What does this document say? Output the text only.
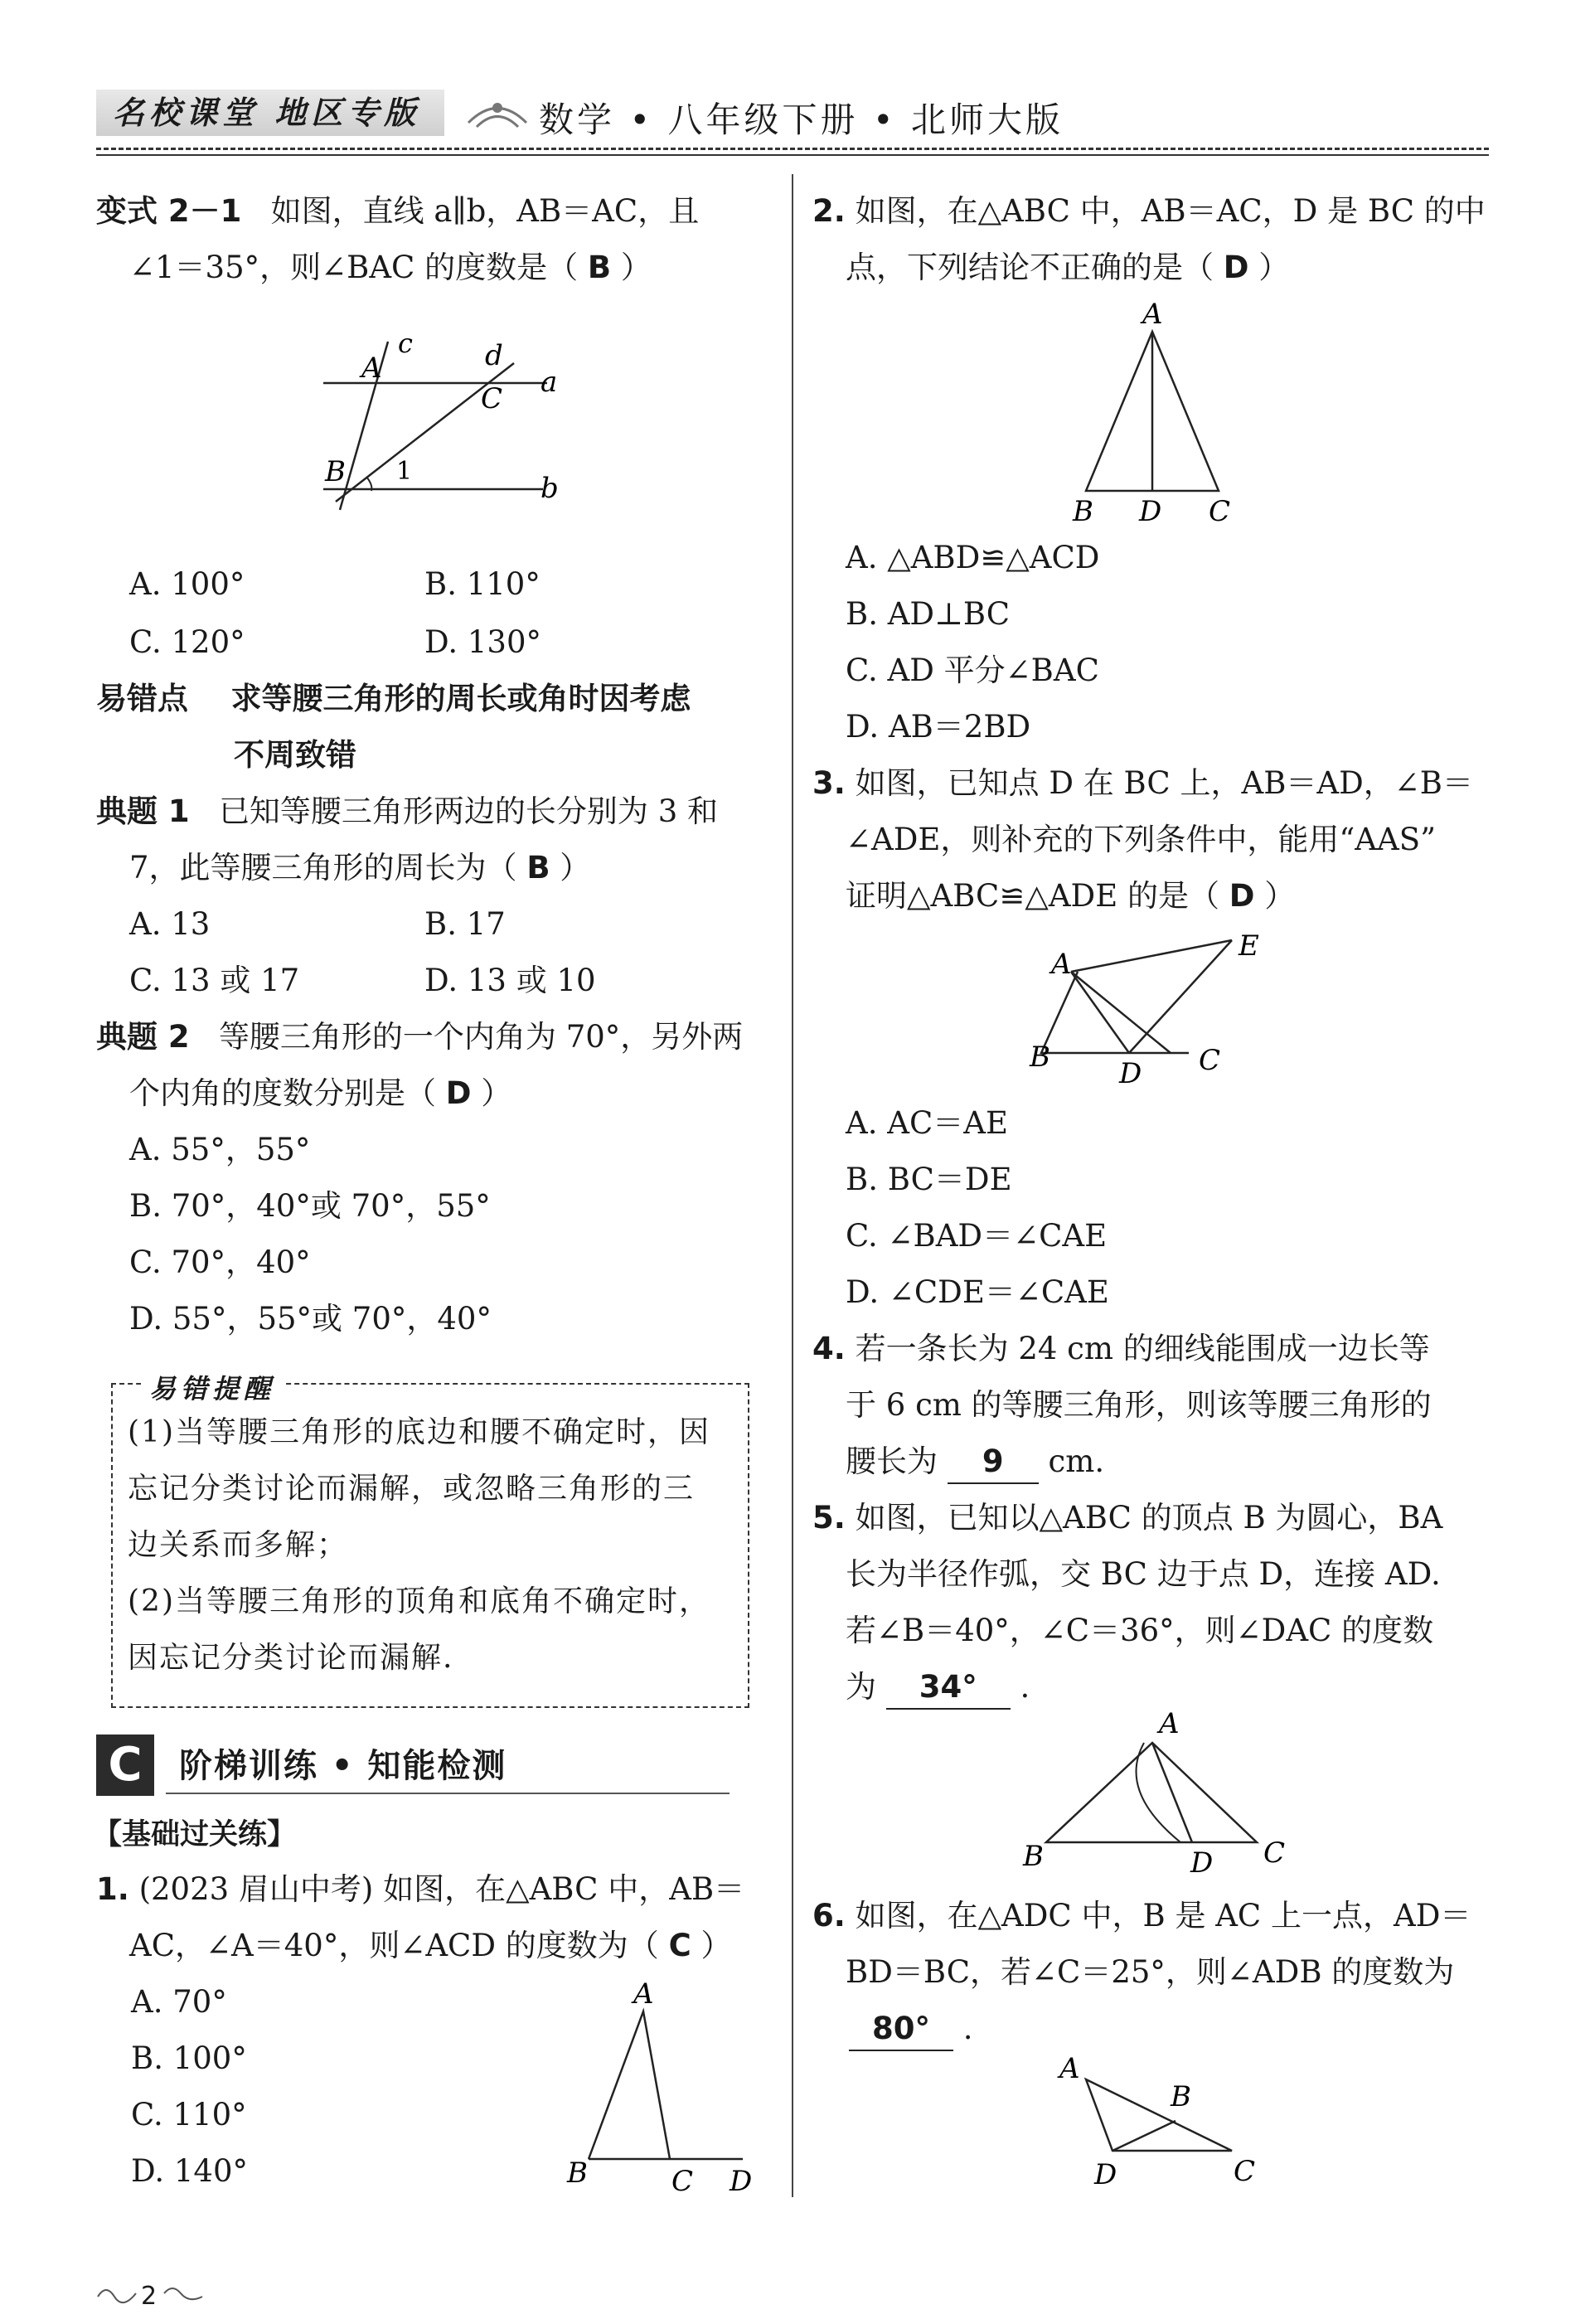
名校课堂 地区专版	数学 • 八年级下册 • 北师大版
变式 2－1 如图，直线 a∥b，AB＝AC，且
∠1＝35°，则∠BAC 的度数是（ B ）
A
c	d
C a
B 1
b
A. 100°	B. 110°
C. 120°	D. 130°
易错点 求等腰三角形的周长或角时因考虑
不周致错
典题 1 已知等腰三角形两边的长分别为 3 和
7，此等腰三角形的周长为（ B ）
A. 13	B. 17
C. 13 或 17	D. 13 或 10
典题 2 等腰三角形的一个内角为 70°，另外两
个内角的度数分别是（ D ）
A. 55°，55°
B. 70°，40°或 70°，55°
C. 70°，40°
D. 55°，55°或 70°，40°
易错提醒
(1)当等腰三角形的底边和腰不确定时，因
忘记分类讨论而漏解，或忽略三角形的三
边关系而多解；
(2)当等腰三角形的顶角和底角不确定时，
因忘记分类讨论而漏解.
C	阶梯训练 • 知能检测
【基础过关练】
1. (2023 眉山中考) 如图，在△ABC 中，AB＝
AC，∠A＝40°，则∠ACD 的度数为（ C ）
A. 70°
B. 100°
C. 110°
D. 140°
A
B	C D
2
2. 如图，在△ABC 中，AB＝AC，D 是 BC 的中
点，下列结论不正确的是（ D ）
A
B D C
A. △ABD≌△ACD
B. AD⊥BC
C. AD 平分∠BAC
D. AB＝2BD
3. 如图，已知点 D 在 BC 上，AB＝AD，∠B＝
∠ADE，则补充的下列条件中，能用“AAS”
证明△ABC≌△ADE 的是（ D ）
A
E
B D C
A. AC＝AE
B. BC＝DE
C. ∠BAD＝∠CAE
D. ∠CDE＝∠CAE
4. 若一条长为 24 cm 的细线能围成一边长等
于 6 cm 的等腰三角形，则该等腰三角形的
腰长为 9 cm.
5. 如图，已知以△ABC 的顶点 B 为圆心，BA
长为半径作弧，交 BC 边于点 D，连接 AD.
若∠B＝40°，∠C＝36°，则∠DAC 的度数
为 34° .
A
B	D C
6. 如图，在△ADC 中，B 是 AC 上一点，AD＝
BD＝BC，若∠C＝25°，则∠ADB 的度数为
80° .
A
B
D	C
